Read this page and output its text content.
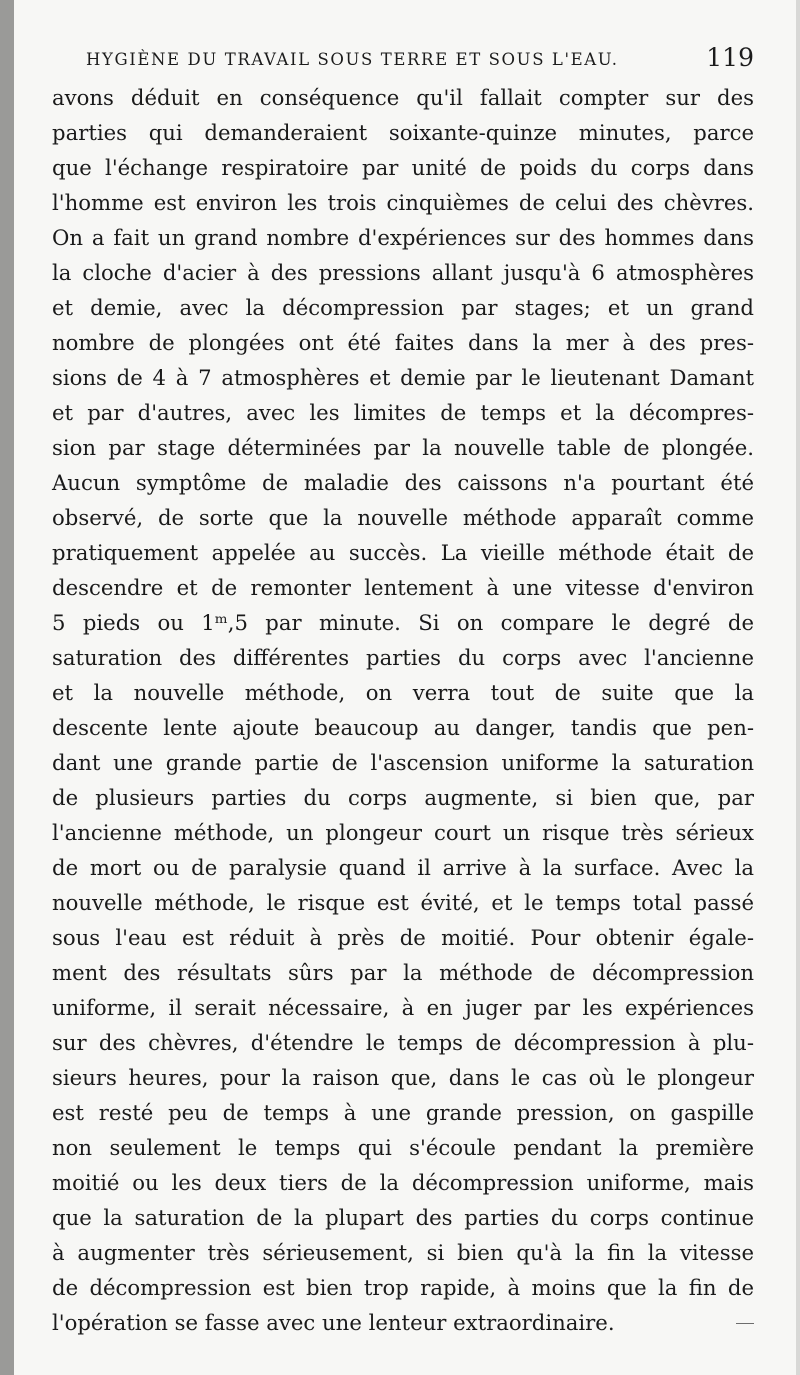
HYGIÈNE DU TRAVAIL SOUS TERRE ET SOUS L'EAU.	119
avons déduit en conséquence qu'il fallait compter sur des
parties qui demanderaient soixante-quinze minutes, parce
que l'échange respiratoire par unité de poids du corps dans
l'homme est environ les trois cinquièmes de celui des chèvres.
On a fait un grand nombre d'expériences sur des hommes dans
la cloche d'acier à des pressions allant jusqu'à 6 atmosphères
et demie, avec la décompression par stages; et un grand
nombre de plongées ont été faites dans la mer à des pres-
sions de 4 à 7 atmosphères et demie par le lieutenant Damant
et par d'autres, avec les limites de temps et la décompres-
sion par stage déterminées par la nouvelle table de plongée.
Aucun symptôme de maladie des caissons n'a pourtant été
observé, de sorte que la nouvelle méthode apparaît comme
pratiquement appelée au succès. La vieille méthode était de
descendre et de remonter lentement à une vitesse d'environ
5 pieds ou 1ᵐ,5 par minute. Si on compare le degré de
saturation des différentes parties du corps avec l'ancienne
et la nouvelle méthode, on verra tout de suite que la
descente lente ajoute beaucoup au danger, tandis que pen-
dant une grande partie de l'ascension uniforme la saturation
de plusieurs parties du corps augmente, si bien que, par
l'ancienne méthode, un plongeur court un risque très sérieux
de mort ou de paralysie quand il arrive à la surface. Avec la
nouvelle méthode, le risque est évité, et le temps total passé
sous l'eau est réduit à près de moitié. Pour obtenir égale-
ment des résultats sûrs par la méthode de décompression
uniforme, il serait nécessaire, à en juger par les expériences
sur des chèvres, d'étendre le temps de décompression à plu-
sieurs heures, pour la raison que, dans le cas où le plongeur
est resté peu de temps à une grande pression, on gaspille
non seulement le temps qui s'écoule pendant la première
moitié ou les deux tiers de la décompression uniforme, mais
que la saturation de la plupart des parties du corps continue
à augmenter très sérieusement, si bien qu'à la fin la vitesse
de décompression est bien trop rapide, à moins que la fin de
l'opération se fasse avec une lenteur extraordinaire.
